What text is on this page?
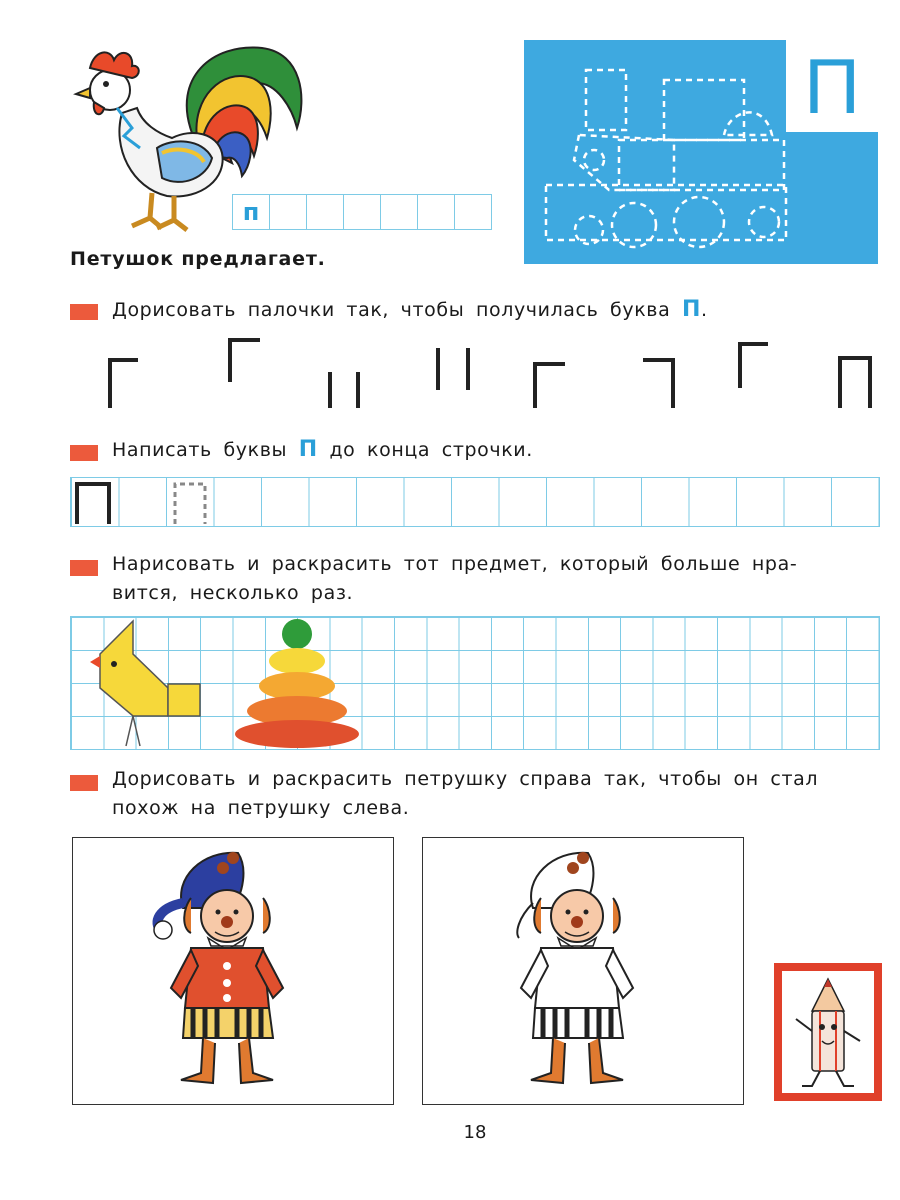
п
Петушок предлагает.
П
Дорисовать палочки так, чтобы получилась буква П.
Написать буквы П до конца строчки.
Нарисовать и раскрасить тот предмет, который больше нра-
вится, несколько раз.
Дорисовать и раскрасить петрушку справа так, чтобы он стал
похож на петрушку слева.
18
